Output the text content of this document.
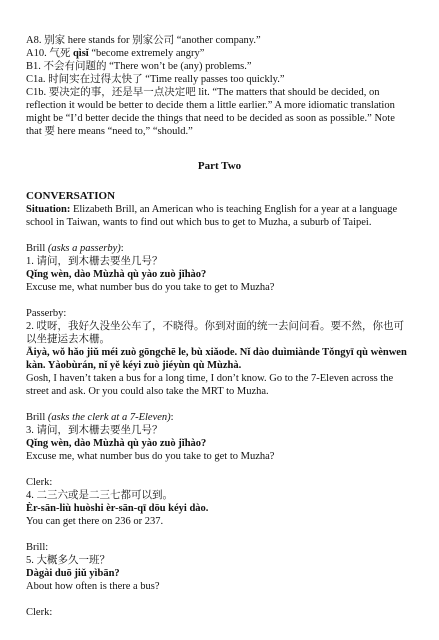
A8. 别家 here stands for 别家公司 “another company.”

A10. 气死 qìsǐ “become extremely angry”

B1. 不会有问题的 “There won’t be (any) problems.”

C1a. 时间实在过得太快了 “Time really passes too quickly.”

C1b. 要决定的事，还是早一点决定吧 lit. “The matters that should be decided, on reflection it would be better to decide them a little earlier.” A more idiomatic translation might be “I’d better decide the things that need to be decided as soon as possible.” Note that 要 here means “need to,” “should.”

Part Two

CONVERSATION

Situation: Elizabeth Brill, an American who is teaching English for a year at a language school in Taiwan, wants to find out which bus to get to Muzha, a suburb of Taipei.

Brill (asks a passerby):

1. 请问，到木栅去要坐几号？

Qǐng wèn, dào Mùzhà qù yào zuò jǐhào?

Excuse me, what number bus do you take to get to Muzha?

Passerby:

2. 哎呀，我好久没坐公车了，不晓得。你到对面的统一去问问看。要不然，你也可以坐捷运去木栅。

Āiyà, wǒ hǎo jiǔ méi zuò gōngchē le, bù xiǎode. Nǐ dào duìmiànde Tǒngyī qù wènwen kàn. Yàobùrán, nǐ yě kéyi zuò jiéyùn qù Mùzhà.

Gosh, I haven’t taken a bus for a long time, I don’t know. Go to the 7-Eleven across the street and ask. Or you could also take the MRT to Muzha.

Brill (asks the clerk at a 7-Eleven):

3. 请问，到木栅去要坐几号？

Qǐng wèn, dào Mùzhà qù yào zuò jǐhào?

Excuse me, what number bus do you take to get to Muzha?

Clerk:

4. 二三六或是二三七都可以到。

Èr-sān-liù huòshi èr-sān-qī dōu kéyi dào.

You can get there on 236 or 237.

Brill:

5. 大概多久一班？

Dàgài duō jiǔ yìbān?

About how often is there a bus?

Clerk:
